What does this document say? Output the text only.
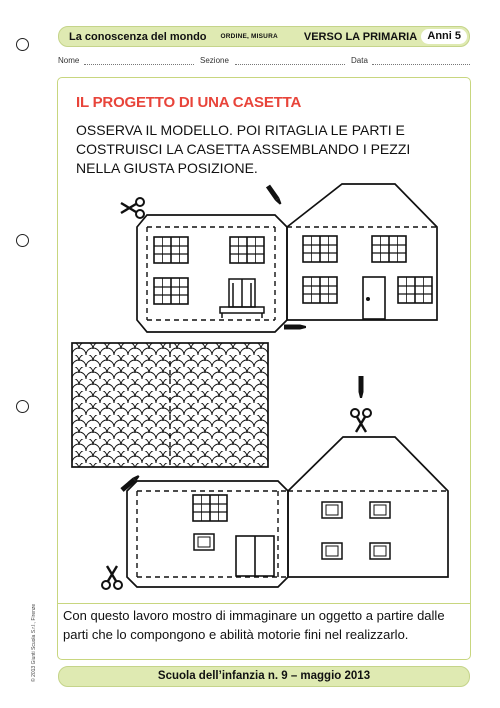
La conoscenza del mondo ORDINE, MISURA VERSO LA PRIMARIA Anni 5
Nome	Sezione	Data
IL PROGETTO DI UNA CASETTA
OSSERVA IL MODELLO. POI RITAGLIA LE PARTI E COSTRUISCI LA CASETTA ASSEMBLANDO I PEZZI NELLA GIUSTA POSIZIONE.
Con questo lavoro mostro di immaginare un oggetto a partire dalle parti che lo compongono e abilità motorie fini nel realizzarlo.
Scuola dell’infanzia n. 9 – maggio 2013
© 2013 Giunti Scuola S.r.l., Firenze
